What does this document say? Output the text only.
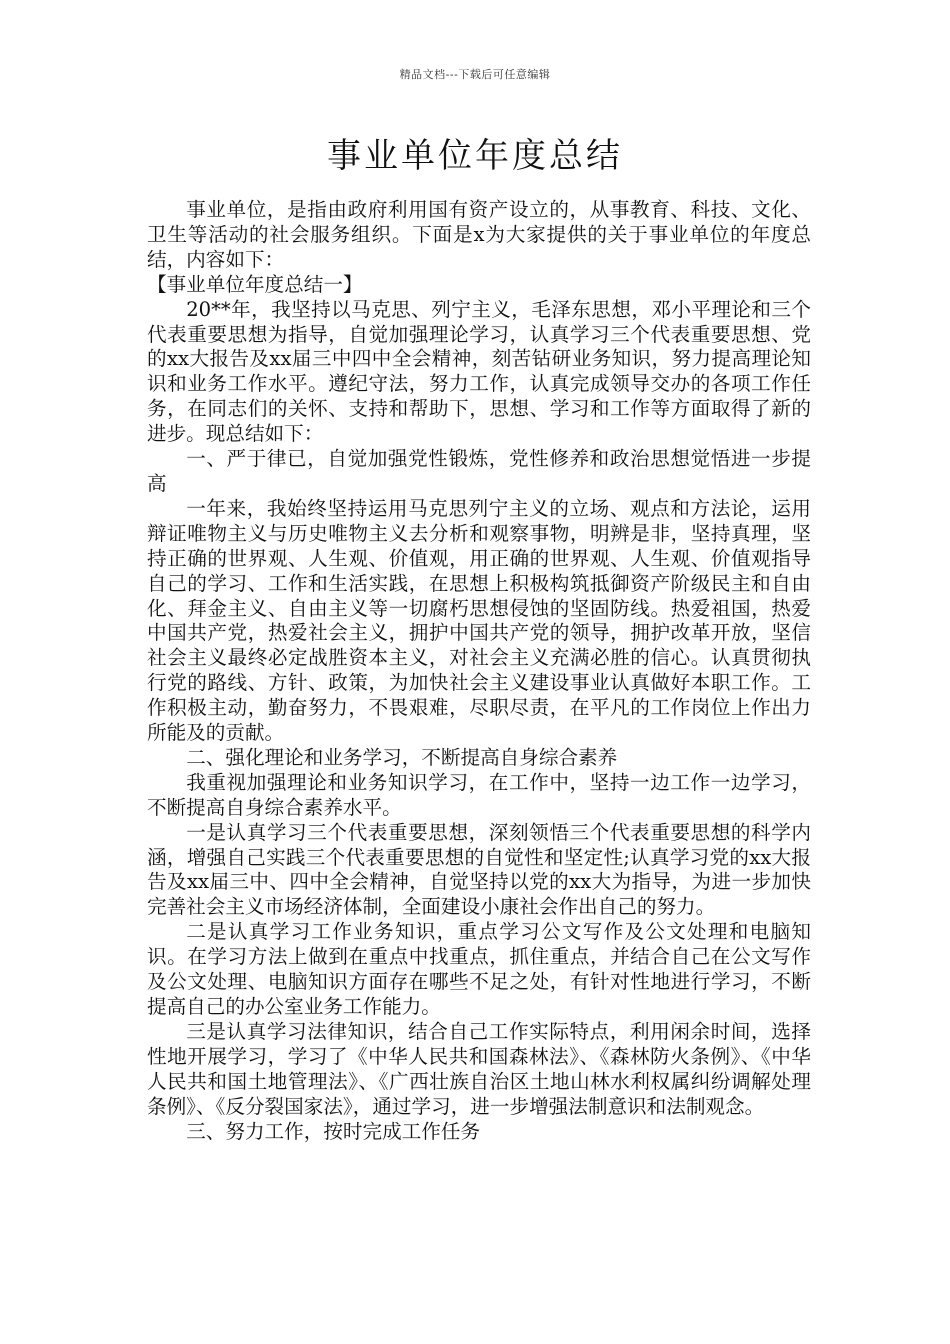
精品文档---下载后可任意编辑
事业单位年度总结

事业单位，是指由政府利用国有资产设立的，从事教育、科技、文化、卫生等活动的社会服务组织。下面是x为大家提供的关于事业单位的年度总结，内容如下：

【事业单位年度总结一】

20**年，我坚持以马克思、列宁主义，毛泽东思想，邓小平理论和三个代表重要思想为指导，自觉加强理论学习，认真学习三个代表重要思想、党的xx大报告及xx届三中四中全会精神，刻苦钻研业务知识，努力提高理论知识和业务工作水平。遵纪守法，努力工作，认真完成领导交办的各项工作任务，在同志们的关怀、支持和帮助下，思想、学习和工作等方面取得了新的进步。现总结如下：

一、严于律已，自觉加强党性锻炼，党性修养和政治思想觉悟进一步提高

一年来，我始终坚持运用马克思列宁主义的立场、观点和方法论，运用辩证唯物主义与历史唯物主义去分析和观察事物，明辨是非，坚持真理，坚持正确的世界观、人生观、价值观，用正确的世界观、人生观、价值观指导自己的学习、工作和生活实践，在思想上积极构筑抵御资产阶级民主和自由化、拜金主义、自由主义等一切腐朽思想侵蚀的坚固防线。热爱祖国，热爱中国共产党，热爱社会主义，拥护中国共产党的领导，拥护改革开放，坚信社会主义最终必定战胜资本主义，对社会主义充满必胜的信心。认真贯彻执行党的路线、方针、政策，为加快社会主义建设事业认真做好本职工作。工作积极主动，勤奋努力，不畏艰难，尽职尽责，在平凡的工作岗位上作出力所能及的贡献。

二、强化理论和业务学习，不断提高自身综合素养

我重视加强理论和业务知识学习，在工作中，坚持一边工作一边学习，不断提高自身综合素养水平。

一是认真学习三个代表重要思想，深刻领悟三个代表重要思想的科学内涵，增强自己实践三个代表重要思想的自觉性和坚定性;认真学习党的xx大报告及xx届三中、四中全会精神，自觉坚持以党的xx大为指导，为进一步加快完善社会主义市场经济体制，全面建设小康社会作出自己的努力。

二是认真学习工作业务知识，重点学习公文写作及公文处理和电脑知识。在学习方法上做到在重点中找重点，抓住重点，并结合自己在公文写作及公文处理、电脑知识方面存在哪些不足之处，有针对性地进行学习，不断提高自己的办公室业务工作能力。

三是认真学习法律知识，结合自己工作实际特点，利用闲余时间，选择性地开展学习，学习了《中华人民共和国森林法》、《森林防火条例》、《中华人民共和国土地管理法》、《广西壮族自治区土地山林水利权属纠纷调解处理条例》、《反分裂国家法》，通过学习，进一步增强法制意识和法制观念。

三、努力工作，按时完成工作任务
